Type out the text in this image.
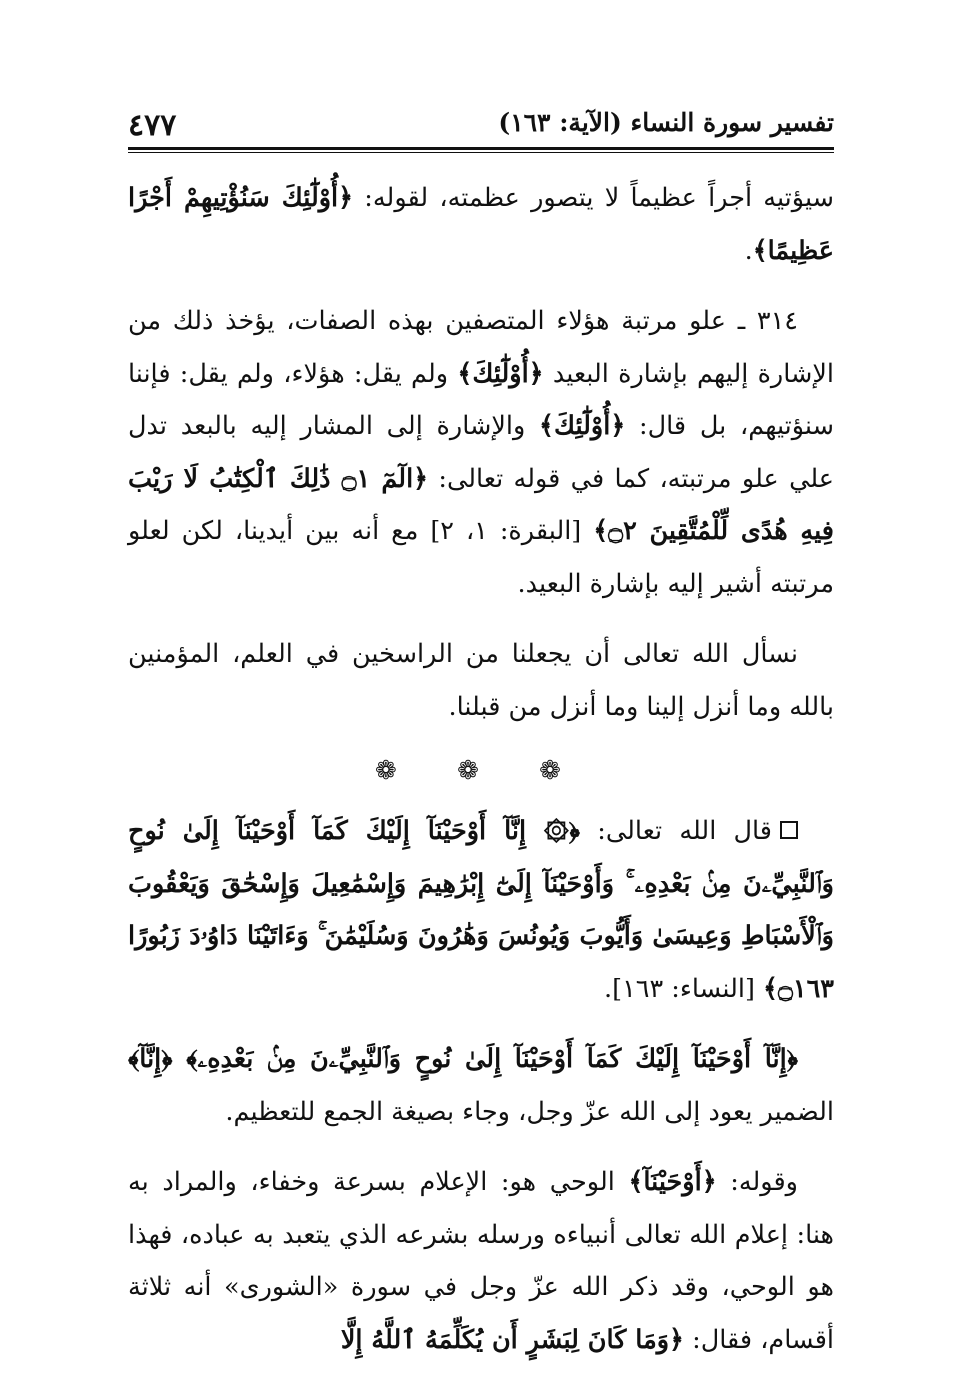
تفسير سورة النساء (الآية: ١٦٣)
٤٧٧

سيؤتيه أجراً عظيماً لا يتصور عظمته، لقوله: ﴿أُوْلَٰٓئِكَ سَنُؤْتِيهِمْ أَجْرًا عَظِيمًا﴾.

٣١٤ ـ علو مرتبة هؤلاء المتصفين بهذه الصفات، يؤخذ ذلك من الإشارة إليهم بإشارة البعيد ﴿أُوْلَٰٓئِكَ﴾ ولم يقل: هؤلاء، ولم يقل: فإننا سنؤتيهم، بل قال: ﴿أُوْلَٰٓئِكَ﴾ والإشارة إلى المشار إليه بالبعد تدل علي علو مرتبته، كما في قوله تعالى: ﴿الٓمٓ ۝١ ذَٰلِكَ ٱلْكِتَٰبُ لَا رَيْبَ فِيهِ هُدًى لِّلْمُتَّقِينَ ۝٢﴾ [البقرة: ١، ٢] مع أنه بين أيدينا، لكن لعلو مرتبته أشير إليه بإشارة البعيد.

نسأل الله تعالى أن يجعلنا من الراسخين في العلم، المؤمنين بالله وما أنزل إلينا وما أنزل من قبلنا.

❁ ❁ ❁

قال الله تعالى: ﴿۞ إِنَّآ أَوْحَيْنَآ إِلَيْكَ كَمَآ أَوْحَيْنَآ إِلَىٰ نُوحٍ وَٱلنَّبِيِّۦنَ مِنۢ بَعْدِهِۦ ۚ وَأَوْحَيْنَآ إِلَىٰٓ إِبْرَٰهِيمَ وَإِسْمَٰعِيلَ وَإِسْحَٰقَ وَيَعْقُوبَ وَٱلْأَسْبَاطِ وَعِيسَىٰ وَأَيُّوبَ وَيُونُسَ وَهَٰرُونَ وَسُلَيْمَٰنَ ۚ وَءَاتَيْنَا دَاوُۥدَ زَبُورًا ۝١٦٣﴾ [النساء: ١٦٣].

﴿إِنَّآ أَوْحَيْنَآ إِلَيْكَ كَمَآ أَوْحَيْنَآ إِلَىٰ نُوحٍ وَٱلنَّبِيِّۦنَ مِنۢ بَعْدِهِۦ﴾ ﴿إِنَّآ﴾ الضمير يعود إلى الله عزّ وجل، وجاء بصيغة الجمع للتعظيم.

وقوله: ﴿أَوْحَيْنَآ﴾ الوحي هو: الإعلام بسرعة وخفاء، والمراد به هنا: إعلام الله تعالى أنبياءه ورسله بشرعه الذي يتعبد به عباده، فهذا هو الوحي، وقد ذكر الله عزّ وجل في سورة «الشورى» أنه ثلاثة أقسام، فقال: ﴿وَمَا كَانَ لِبَشَرٍ أَن يُكَلِّمَهُ ٱللَّهُ إِلَّا
